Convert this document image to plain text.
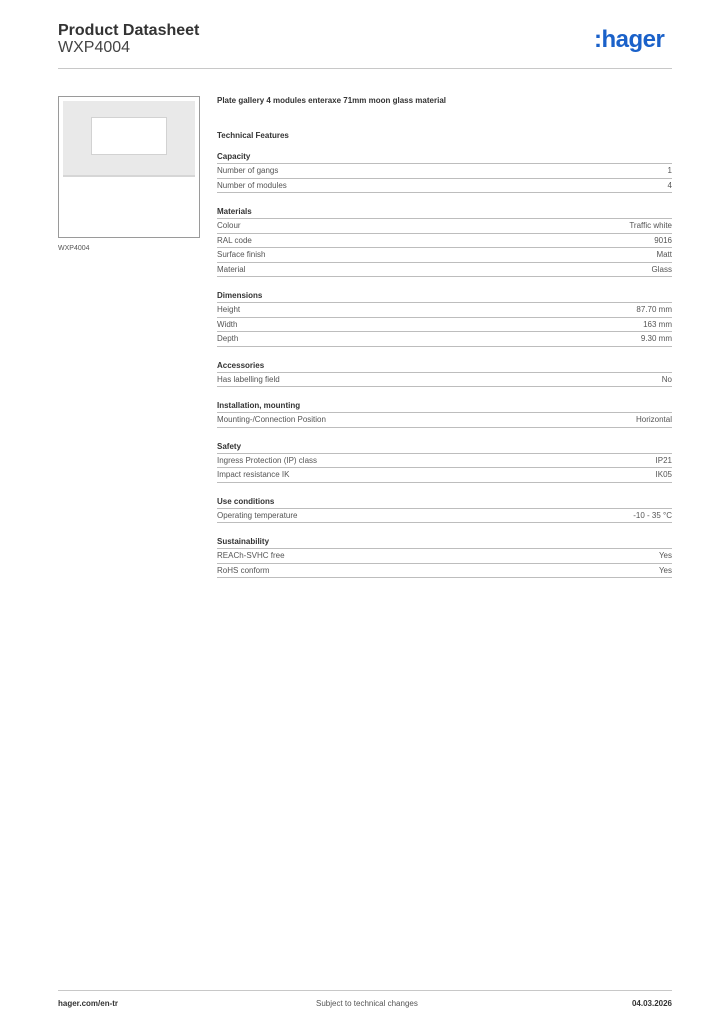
Product Datasheet
WXP4004	:hager
WXP4004
Plate gallery 4 modules enteraxe 71mm moon glass material
Technical Features
Capacity
Number of gangs	1
Number of modules	4
Materials
Colour	Traffic white
RAL code	9016
Surface finish	Matt
Material	Glass
Dimensions
Height	87.70 mm
Width	163 mm
Depth	9.30 mm
Accessories
Has labelling field	No
Installation, mounting
Mounting-/Connection Position	Horizontal
Safety
Ingress Protection (IP) class	IP21
Impact resistance IK	IK05
Use conditions
Operating temperature	-10 - 35 °C
Sustainability
REACh-SVHC free	Yes
RoHS conform	Yes
hager.com/en-tr	Subject to technical changes	04.03.2026
